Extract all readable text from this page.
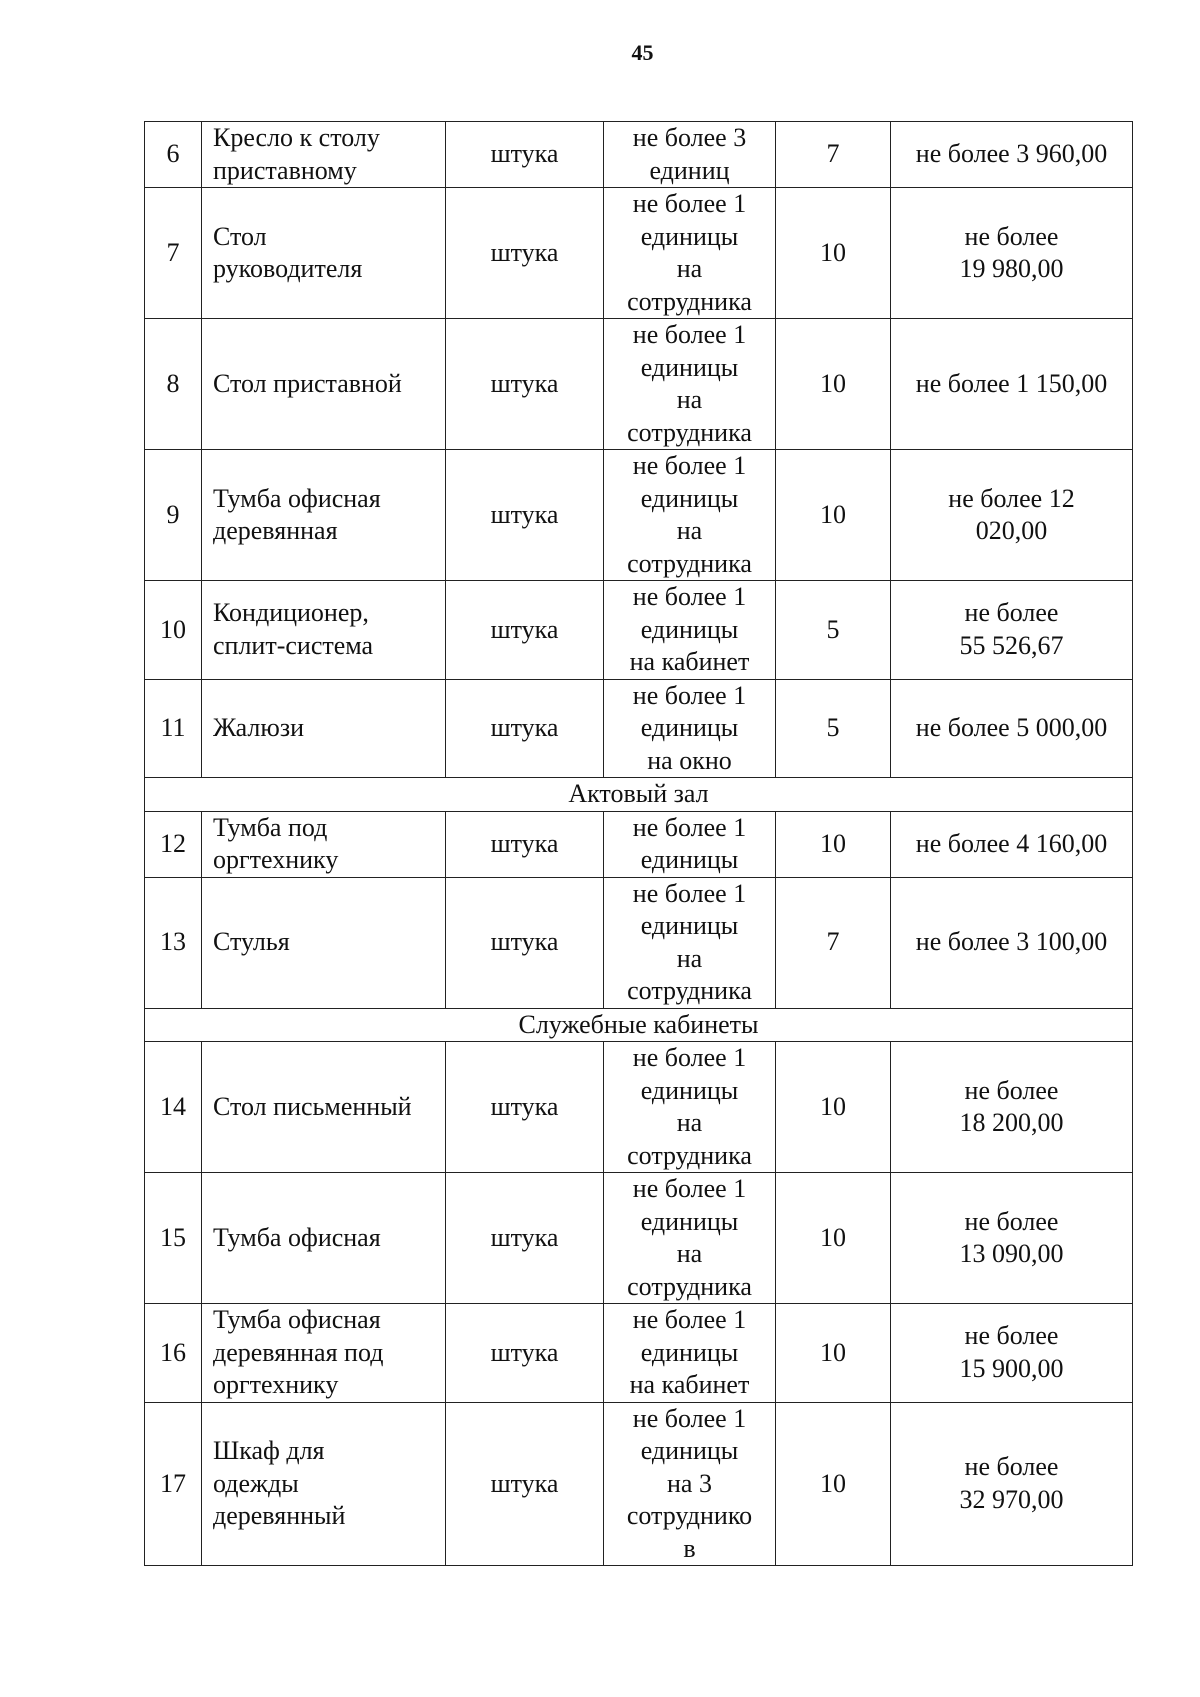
45
6	Кресло к столу
приставному	штука	не более 3
единиц	7	не более 3 960,00

7	Стол
руководителя	штука	не более 1
единицы
на
сотрудника	10	не более
19 980,00

8	Стол приставной	штука	не более 1
единицы
на
сотрудника	10	не более 1 150,00

9	Тумба офисная
деревянная	штука	не более 1
единицы
на
сотрудника	10	не более 12
020,00

10	Кондиционер,
сплит-система	штука	не более 1
единицы
на кабинет	5	не более
55 526,67

11	Жалюзи	штука	не более 1
единицы
на окно	5	не более 5 000,00

Актовый зал					
12	Тумба под
оргтехнику	штука	не более 1
единицы	10	не более 4 160,00

13	Стулья	штука	не более 1
единицы
на
сотрудника	7	не более 3 100,00

Служебные кабинеты					
14	Стол письменный	штука	не более 1
единицы
на
сотрудника	10	не более
18 200,00

15	Тумба офисная	штука	не более 1
единицы
на
сотрудника	10	не более
13 090,00

16	Тумба офисная
деревянная под
оргтехнику	штука	не более 1
единицы
на кабинет	10	не более
15 900,00

17	Шкаф для
одежды
деревянный	штука	не более 1
единицы
на 3
сотруднико
в	10	не более
32 970,00
